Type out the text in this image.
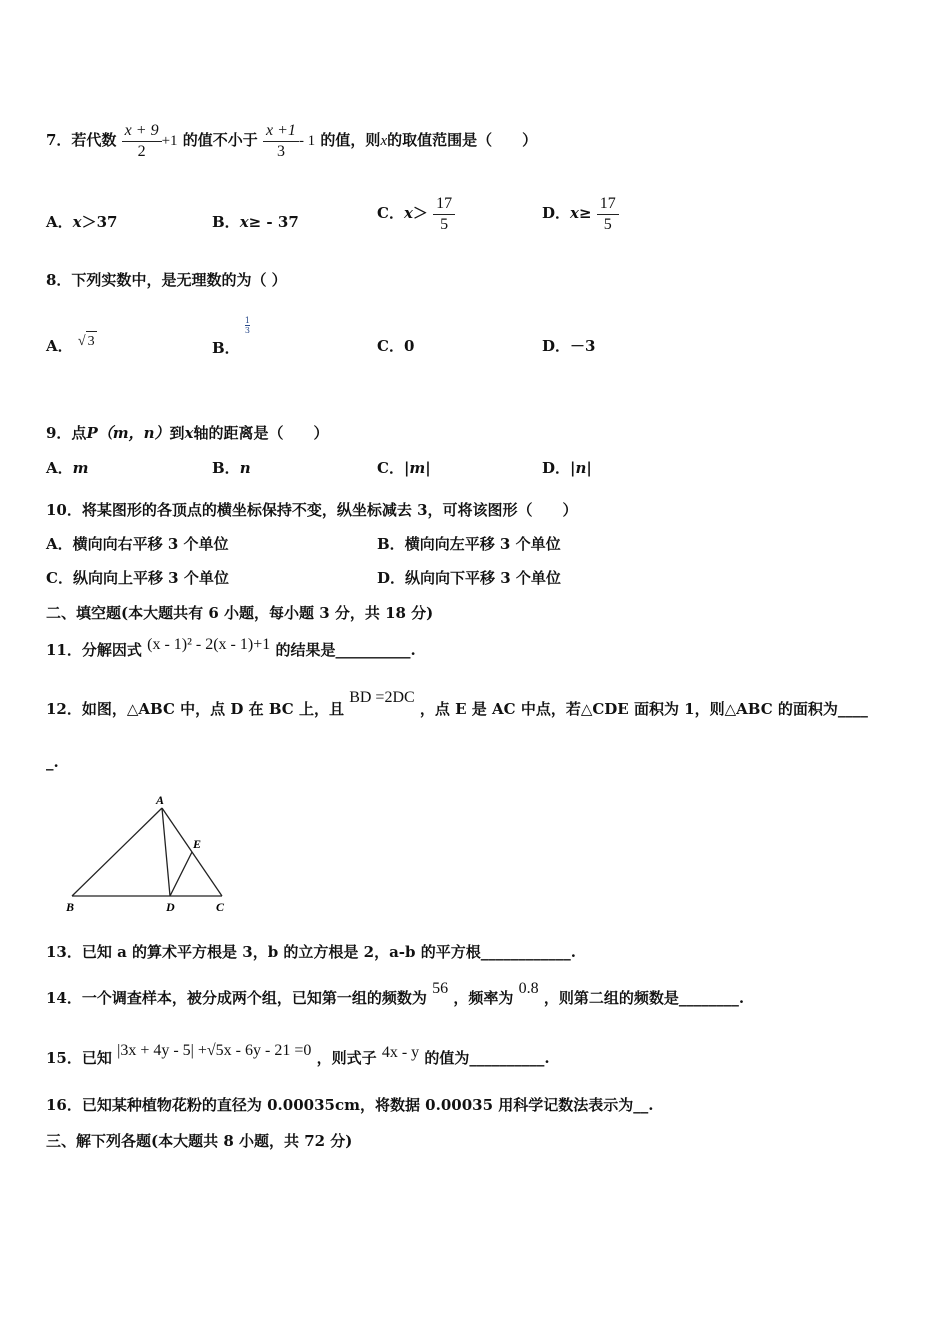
7．若代数 $\frac{x + 9}{2} +1$ 的值不小于 $\frac{x +1}{3} - 1$ 的值，则x的取值范围是（　　）
A．x＞37	B．x≥ - 37	C．$x> \frac{17}{5}$	D．$x\ge \frac{17}{5}$
8．下列实数中，是无理数的为（ ）
A． √ 3	B．
$\frac{1}{3}$
C．0	D．－3
9．点P（m，n）到x轴的距离是（　　）
A．m	B．n	C．|m|	D．|n|
10．将某图形的各顶点的横坐标保持不变，纵坐标减去 3，可将该图形（　　）
A．横向向右平移 3 个单位	B．横向向左平移 3 个单位
C．纵向向上平移 3 个单位	D．纵向向下平移 3 个单位
二、填空题(本大题共有 6 小题，每小题 3 分，共 18 分)
11．分解因式 (x - 1)² - 2(x - 1)+1 的结果是__________.
12．如图，△ABC 中，点 D 在 BC 上，且 BD =2DC ，点 E 是 AC 中点，若△CDE 面积为 1，则△ABC 的面积为____
_.
A
B	C
D
E
13．已知 a 的算术平方根是 3，b 的立方根是 2，a-b 的平方根____________.
14．一个调查样本，被分成两个组，已知第一组的频数为 56 ，频率为 0.8 ，则第二组的频数是________.
15．已知 |3x + 4y - 5| +√5x - 6y - 21 =0 ，则式子 4x - y 的值为__________.
16．已知某种植物花粉的直径为 0.00035cm，将数据 0.00035 用科学记数法表示为__.
三、解下列各题(本大题共 8 小题，共 72 分)
